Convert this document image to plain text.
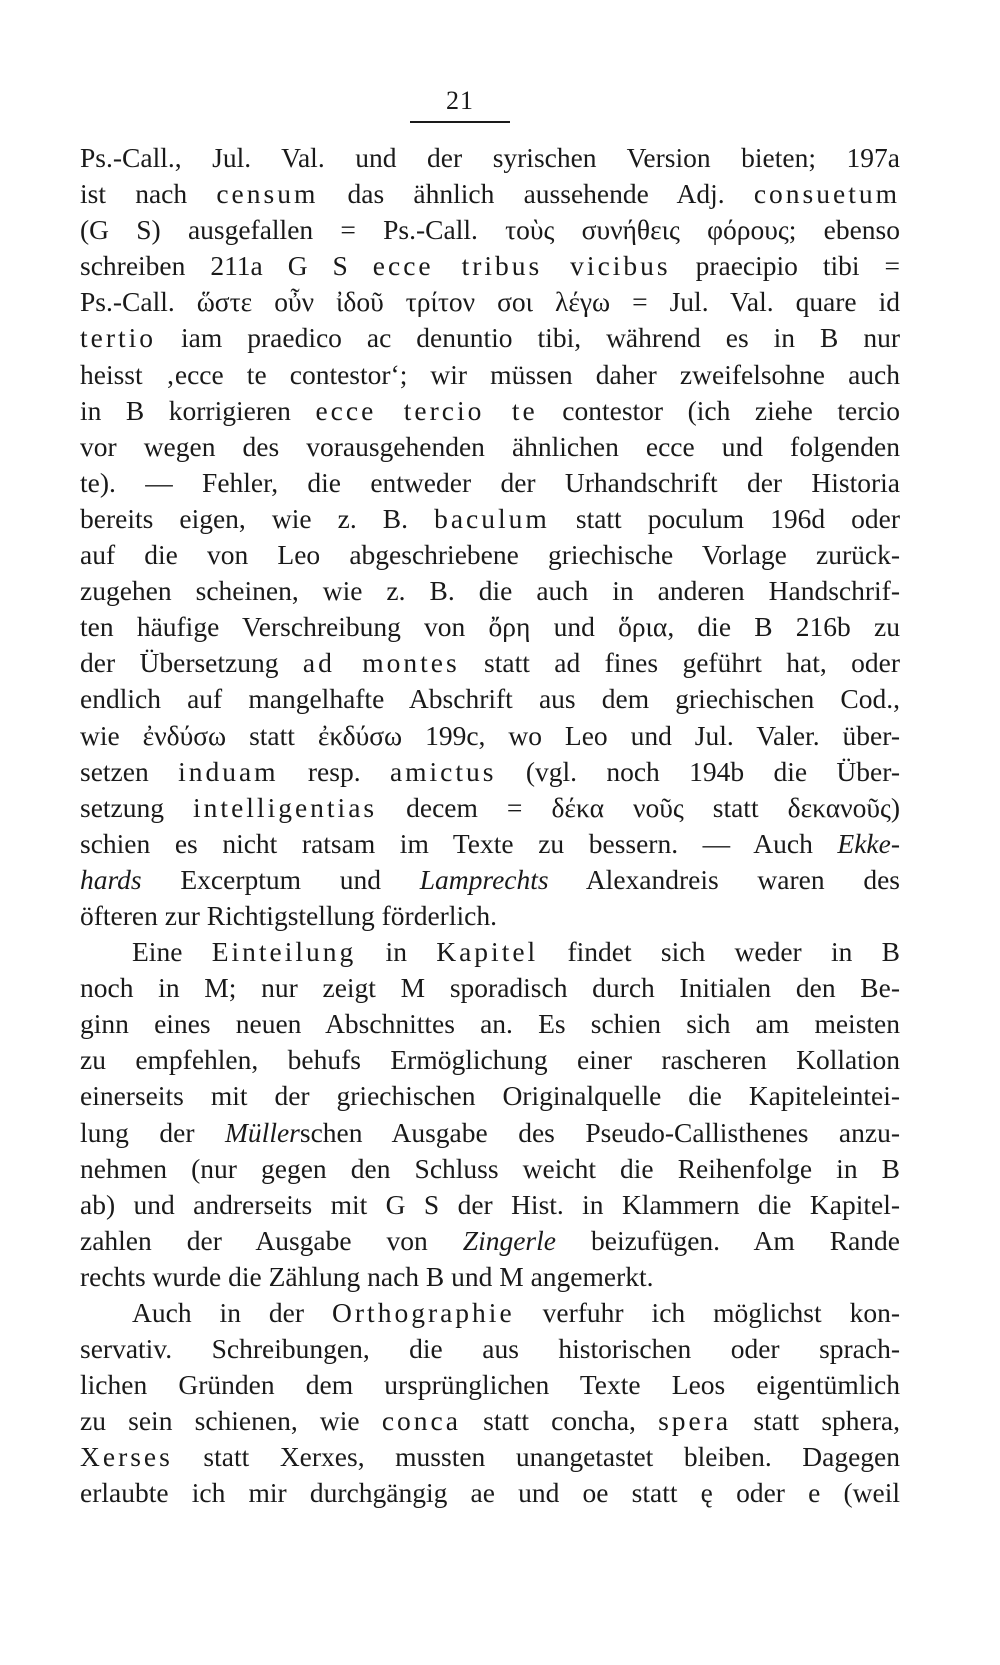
21
Ps.-Call., Jul. Val. und der syrischen Version bieten; 197a
ist nach censum das ähnlich aussehende Adj. consuetum
(G S) ausgefallen = Ps.-Call. τοὺς συνήθεις φόρους; ebenso
schreiben 211a G S ecce tribus vicibus praecipio tibi =
Ps.-Call. ὥστε οὖν ἰδοῦ τρίτον σοι λέγω = Jul. Val. quare id
tertio iam praedico ac denuntio tibi, während es in B nur
heisst ‚ecce te contestor‘; wir müssen daher zweifelsohne auch
in B korrigieren ecce tercio te contestor (ich ziehe tercio
vor wegen des vorausgehenden ähnlichen ecce und folgenden
te). — Fehler, die entweder der Urhandschrift der Historia
bereits eigen, wie z. B. baculum statt poculum 196d oder
auf die von Leo abgeschriebene griechische Vorlage zurück-
zugehen scheinen, wie z. B. die auch in anderen Handschrif-
ten häufige Verschreibung von ὄρη und ὅρια, die B 216b zu
der Übersetzung ad montes statt ad fines geführt hat, oder
endlich auf mangelhafte Abschrift aus dem griechischen Cod.,
wie ἐνδύσω statt ἐκδύσω 199c, wo Leo und Jul. Valer. über-
setzen induam resp. amictus (vgl. noch 194b die Über-
setzung intelligentias decem = δέκα νοῦς statt δεκανοῦς)
schien es nicht ratsam im Texte zu bessern. — Auch Ekke-
hards Excerptum und Lamprechts Alexandreis waren des
öfteren zur Richtigstellung förderlich.
Eine Einteilung in Kapitel findet sich weder in B
noch in M; nur zeigt M sporadisch durch Initialen den Be-
ginn eines neuen Abschnittes an. Es schien sich am meisten
zu empfehlen, behufs Ermöglichung einer rascheren Kollation
einerseits mit der griechischen Originalquelle die Kapiteleintei-
lung der Müllerschen Ausgabe des Pseudo-Callisthenes anzu-
nehmen (nur gegen den Schluss weicht die Reihenfolge in B
ab) und andrerseits mit G S der Hist. in Klammern die Kapitel-
zahlen der Ausgabe von Zingerle beizufügen. Am Rande
rechts wurde die Zählung nach B und M angemerkt.
Auch in der Orthographie verfuhr ich möglichst kon-
servativ. Schreibungen, die aus historischen oder sprach-
lichen Gründen dem ursprünglichen Texte Leos eigentümlich
zu sein schienen, wie conca statt concha, spera statt sphera,
Xerses statt Xerxes, mussten unangetastet bleiben. Dagegen
erlaubte ich mir durchgängig ae und oe statt ę oder e (weil
